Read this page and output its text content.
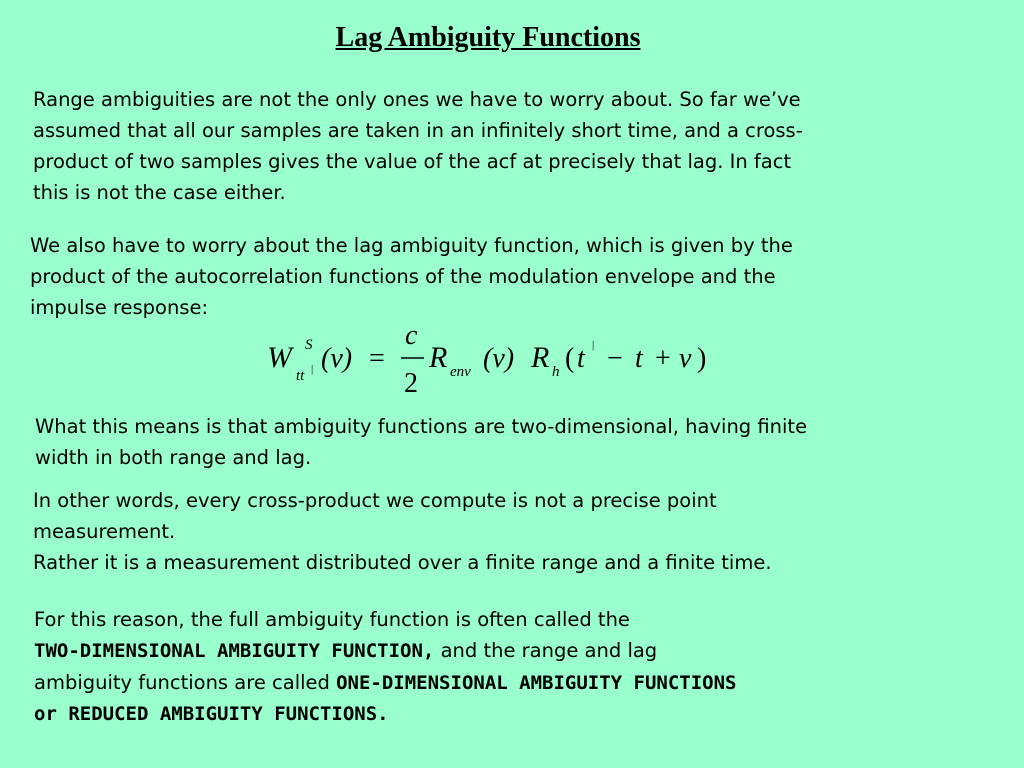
Lag Ambiguity Functions

Range ambiguities are not the only ones we have to worry about. So far we’ve
assumed that all our samples are taken in an infinitely short time, and a cross-
product of two samples gives the value of the acf at precisely that lag. In fact
this is not the case either.

We also have to worry about the lag ambiguity function, which is given by the
product of the autocorrelation functions of the modulation envelope and the
impulse response:

W S
tt | (ν) =
c
2
R env (ν) R h ( t | − t + ν )

What this means is that ambiguity functions are two-dimensional, having finite
width in both range and lag.

In other words, every cross-product we compute is not a precise point
measurement.
Rather it is a measurement distributed over a finite range and a finite time.

For this reason, the full ambiguity function is often called the
TWO-DIMENSIONAL AMBIGUITY FUNCTION, and the range and lag
ambiguity functions are called ONE-DIMENSIONAL AMBIGUITY FUNCTIONS
or REDUCED AMBIGUITY FUNCTIONS.
